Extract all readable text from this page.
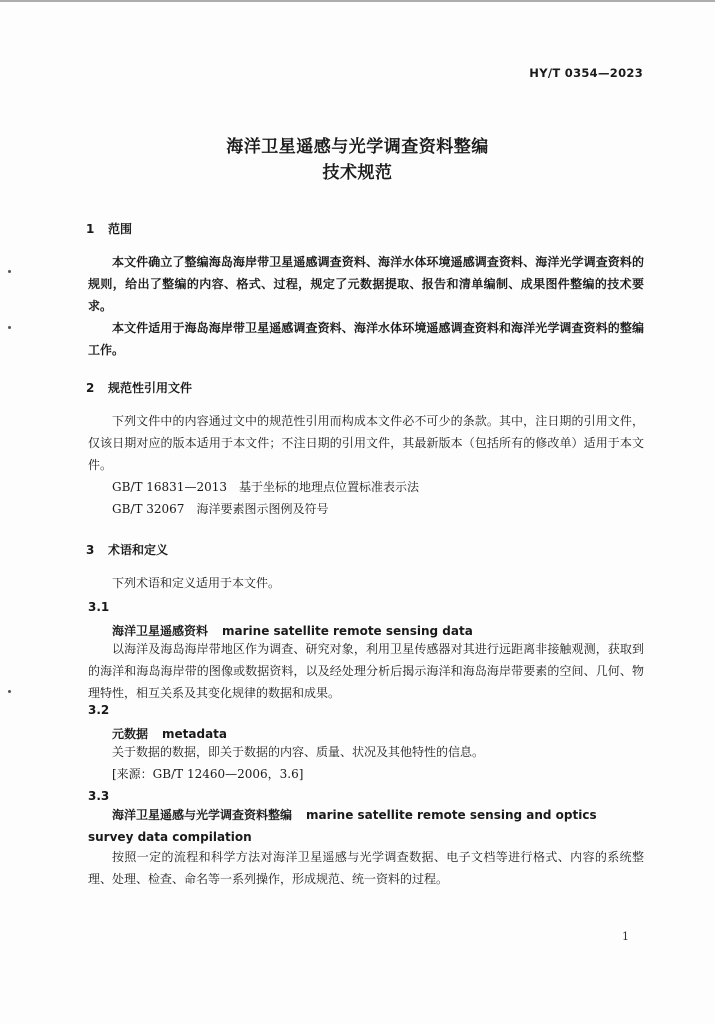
HY/T 0354—2023
海洋卫星遥感与光学调查资料整编
技术规范
1 范围
本文件确立了整编海岛海岸带卫星遥感调查资料、海洋水体环境遥感调查资料、海洋光学调查资料的规则，给出了整编的内容、格式、过程，规定了元数据提取、报告和清单编制、成果图件整编的技术要求。
本文件适用于海岛海岸带卫星遥感调查资料、海洋水体环境遥感调查资料和海洋光学调查资料的整编工作。
2 规范性引用文件
下列文件中的内容通过文中的规范性引用而构成本文件必不可少的条款。其中，注日期的引用文件，仅该日期对应的版本适用于本文件；不注日期的引用文件，其最新版本（包括所有的修改单）适用于本文件。
GB/T 16831—2013　基于坐标的地理点位置标准表示法
GB/T 32067　海洋要素图示图例及符号
3 术语和定义
下列术语和定义适用于本文件。
3.1
海洋卫星遥感资料 marine satellite remote sensing data
以海洋及海岛海岸带地区作为调查、研究对象，利用卫星传感器对其进行远距离非接触观测，获取到的海洋和海岛海岸带的图像或数据资料，以及经处理分析后揭示海洋和海岛海岸带要素的空间、几何、物理特性，相互关系及其变化规律的数据和成果。
3.2
元数据 metadata
关于数据的数据，即关于数据的内容、质量、状况及其他特性的信息。
[来源：GB/T 12460—2006，3.6]
3.3
海洋卫星遥感与光学调查资料整编 marine satellite remote sensing and optics survey data compilation
按照一定的流程和科学方法对海洋卫星遥感与光学调查数据、电子文档等进行格式、内容的系统整理、处理、检查、命名等一系列操作，形成规范、统一资料的过程。
1
